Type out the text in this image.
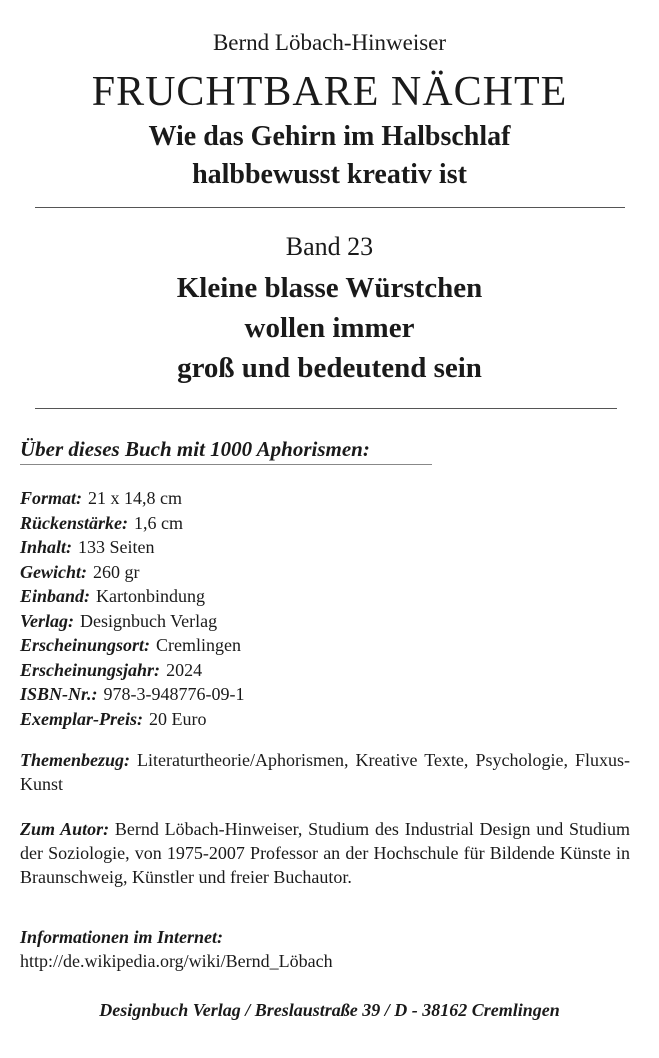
Bernd Löbach-Hinweiser
FRUCHTBARE NÄCHTE
Wie das Gehirn im Halbschlaf
halbbewusst kreativ ist
Band 23
Kleine blasse Würstchen
wollen immer
groß und bedeutend sein
Über dieses Buch mit 1000 Aphorismen:
Format: 21 x 14,8 cm
Rückenstärke: 1,6 cm
Inhalt: 133 Seiten
Gewicht: 260 gr
Einband: Kartonbindung
Verlag: Designbuch Verlag
Erscheinungsort: Cremlingen
Erscheinungsjahr: 2024
ISBN-Nr.: 978-3-948776-09-1
Exemplar-Preis: 20 Euro
Themenbezug: Literaturtheorie/Aphorismen, Kreative Texte, Psychologie, Fluxus-Kunst
Zum Autor: Bernd Löbach-Hinweiser, Studium des Industrial Design und Studium der Soziologie, von 1975-2007 Professor an der Hochschule für Bildende Künste in Braunschweig, Künstler und freier Buchautor.
Informationen im Internet:
http://de.wikipedia.org/wiki/Bernd_Löbach
Designbuch Verlag / Breslaustraße 39 / D - 38162 Cremlingen
